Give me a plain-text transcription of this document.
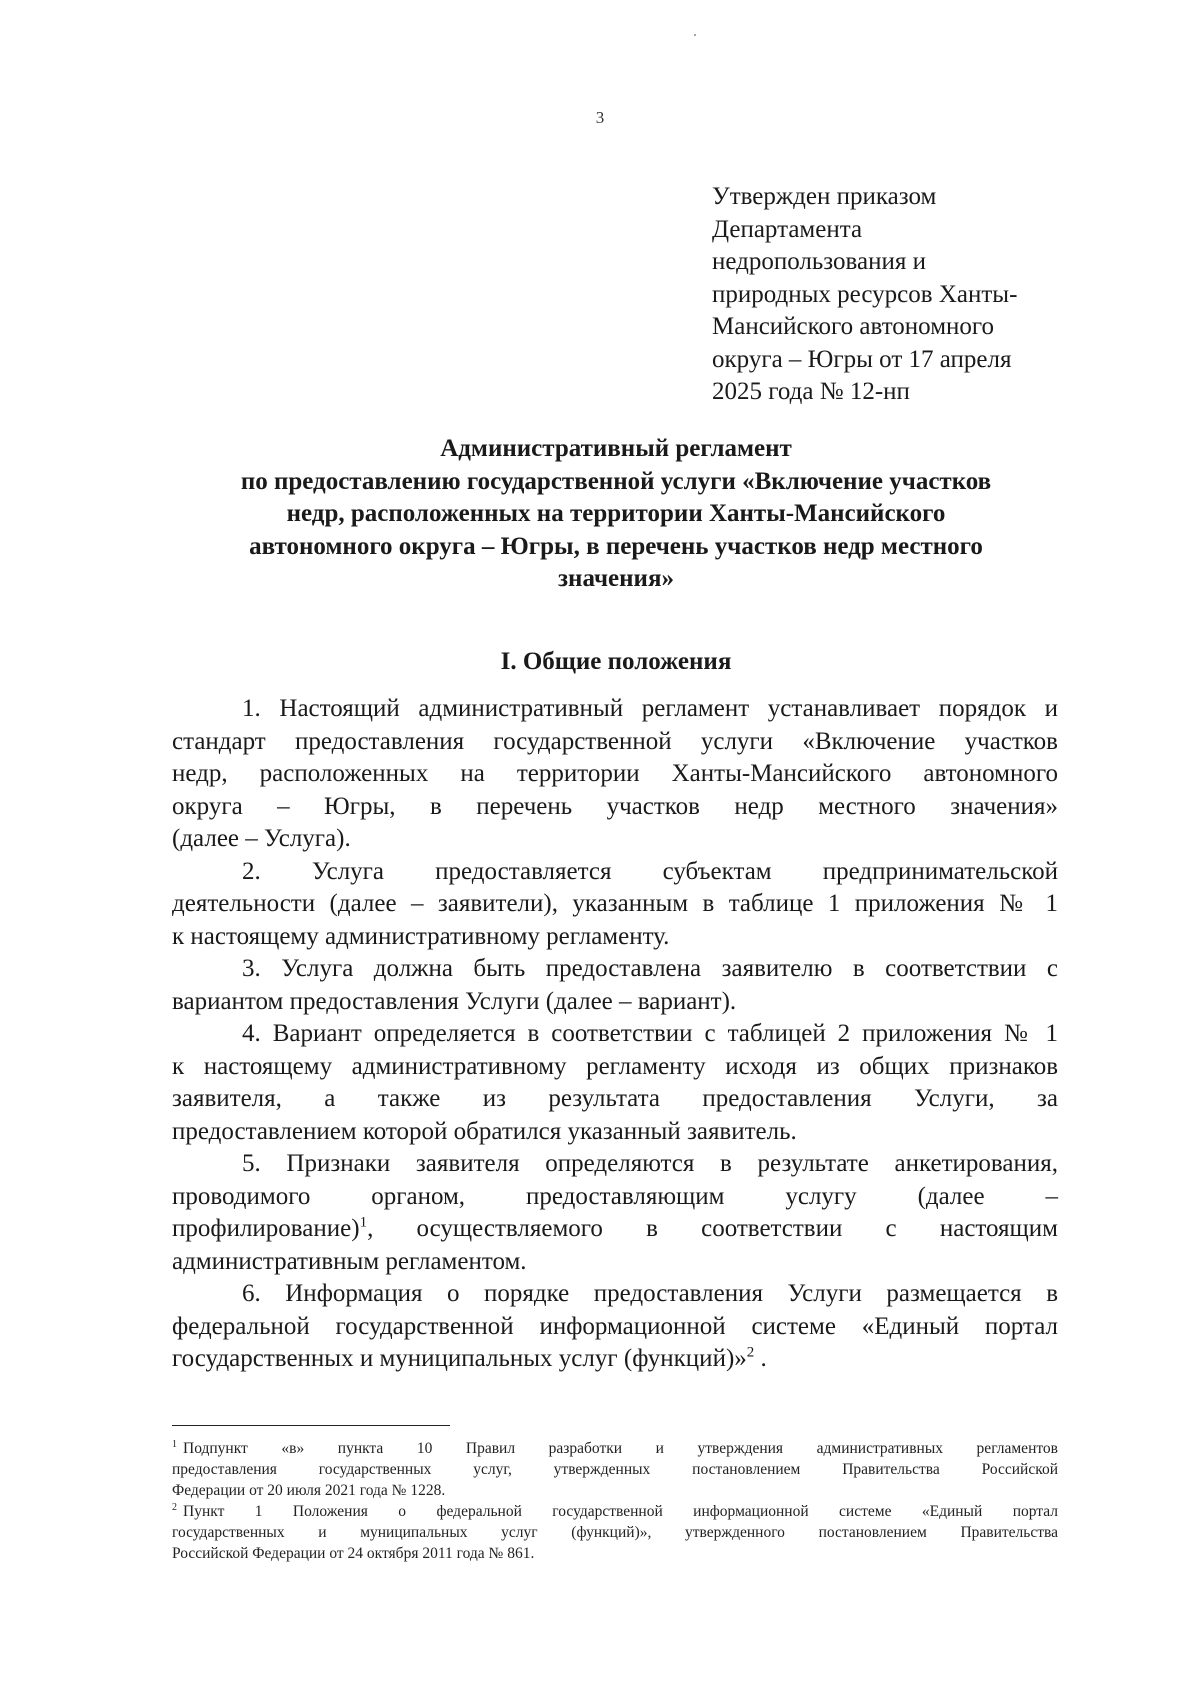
3
Утвержден приказом
Департамента
недропользования и
природных ресурсов Ханты-
Мансийского автономного
округа – Югры от 17 апреля
2025 года № 12-нп
Административный регламент
по предоставлению государственной услуги «Включение участков
недр, расположенных на территории Ханты-Мансийского
автономного округа – Югры, в перечень участков недр местного
значения»
I. Общие положения
1. Настоящий административный регламент устанавливает порядок и
стандарт предоставления государственной услуги «Включение участков
недр, расположенных на территории Ханты-Мансийского автономного
округа – Югры, в перечень участков недр местного значения»
(далее – Услуга).
2. Услуга предоставляется субъектам предпринимательской
деятельности (далее – заявители), указанным в таблице 1 приложения № 1
к настоящему административному регламенту.
3. Услуга должна быть предоставлена заявителю в соответствии с
вариантом предоставления Услуги (далее – вариант).
4. Вариант определяется в соответствии с таблицей 2 приложения № 1
к настоящему административному регламенту исходя из общих признаков
заявителя, а также из результата предоставления Услуги, за
предоставлением которой обратился указанный заявитель.
5. Признаки заявителя определяются в результате анкетирования,
проводимого органом, предоставляющим услугу (далее –
профилирование)$^1$, осуществляемого в соответствии с настоящим
административным регламентом.
6. Информация о порядке предоставления Услуги размещается в
федеральной государственной информационной системе «Единый портал
государственных и муниципальных услуг (функций)»$^2$ .
$^1$ Подпункт «в» пункта 10 Правил разработки и утверждения административных регламентов
предоставления государственных услуг, утвержденных постановлением Правительства Российской
Федерации от 20 июля 2021 года № 1228.
$^2$ Пункт 1 Положения о федеральной государственной информационной системе «Единый портал
государственных и муниципальных услуг (функций)», утвержденного постановлением Правительства
Российской Федерации от 24 октября 2011 года № 861.
